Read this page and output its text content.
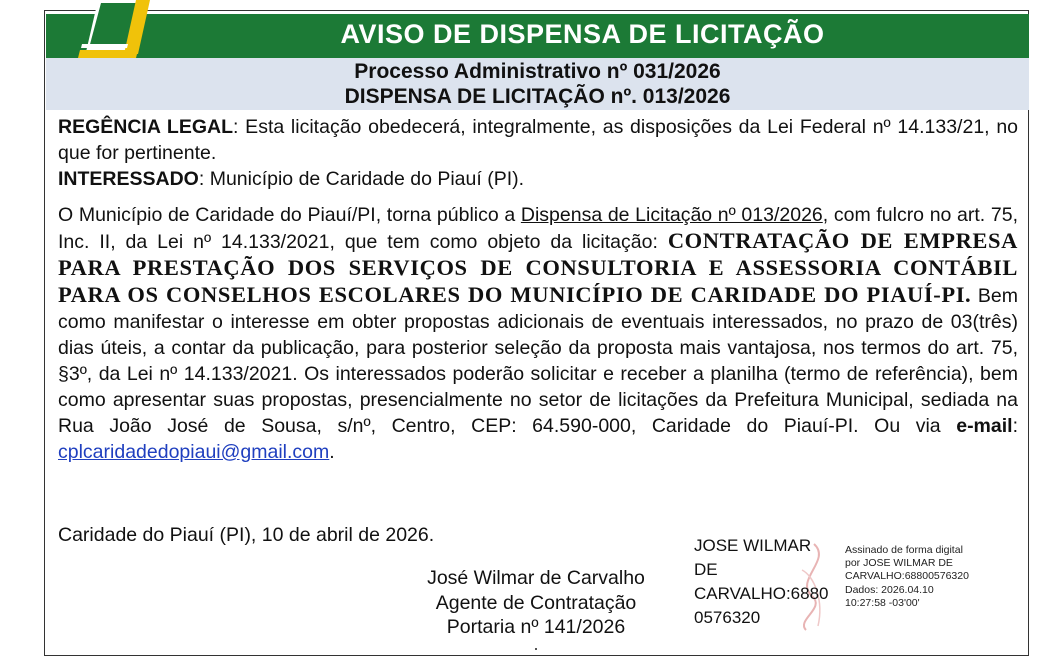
AVISO DE DISPENSA DE LICITAÇÃO
Processo Administrativo nº 031/2026
DISPENSA DE LICITAÇÃO nº. 013/2026

REGÊNCIA LEGAL: Esta licitação obedecerá, integralmente, as disposições da Lei Federal nº 14.133/21, no que for pertinente.

INTERESSADO: Município de Caridade do Piauí (PI).

O Município de Caridade do Piauí/PI, torna público a Dispensa de Licitação nº 013/2026, com fulcro no art. 75, Inc. II, da Lei nº 14.133/2021, que tem como objeto da licitação: CONTRATAÇÃO DE EMPRESA PARA PRESTAÇÃO DOS SERVIÇOS DE CONSULTORIA E ASSESSORIA CONTÁBIL PARA OS CONSELHOS ESCOLARES DO MUNICÍPIO DE CARIDADE DO PIAUÍ-PI. Bem como manifestar o interesse em obter propostas adicionais de eventuais interessados, no prazo de 03(três) dias úteis, a contar da publicação, para posterior seleção da proposta mais vantajosa, nos termos do art. 75, §3º, da Lei nº 14.133/2021. Os interessados poderão solicitar e receber a planilha (termo de referência), bem como apresentar suas propostas, presencialmente no setor de licitações da Prefeitura Municipal, sediada na Rua João José de Sousa, s/nº, Centro, CEP: 64.590-000, Caridade do Piauí-PI. Ou via e-mail: cplcaridadedopiaui@gmail.com.

Caridade do Piauí (PI), 10 de abril de 2026.
José Wilmar de Carvalho
Agente de Contratação
Portaria nº 141/2026
JOSE WILMAR
DE
CARVALHO:6880
0576320
Assinado de forma digital
por JOSE WILMAR DE
CARVALHO:68800576320
Dados: 2026.04.10
10:27:58 -03'00'
